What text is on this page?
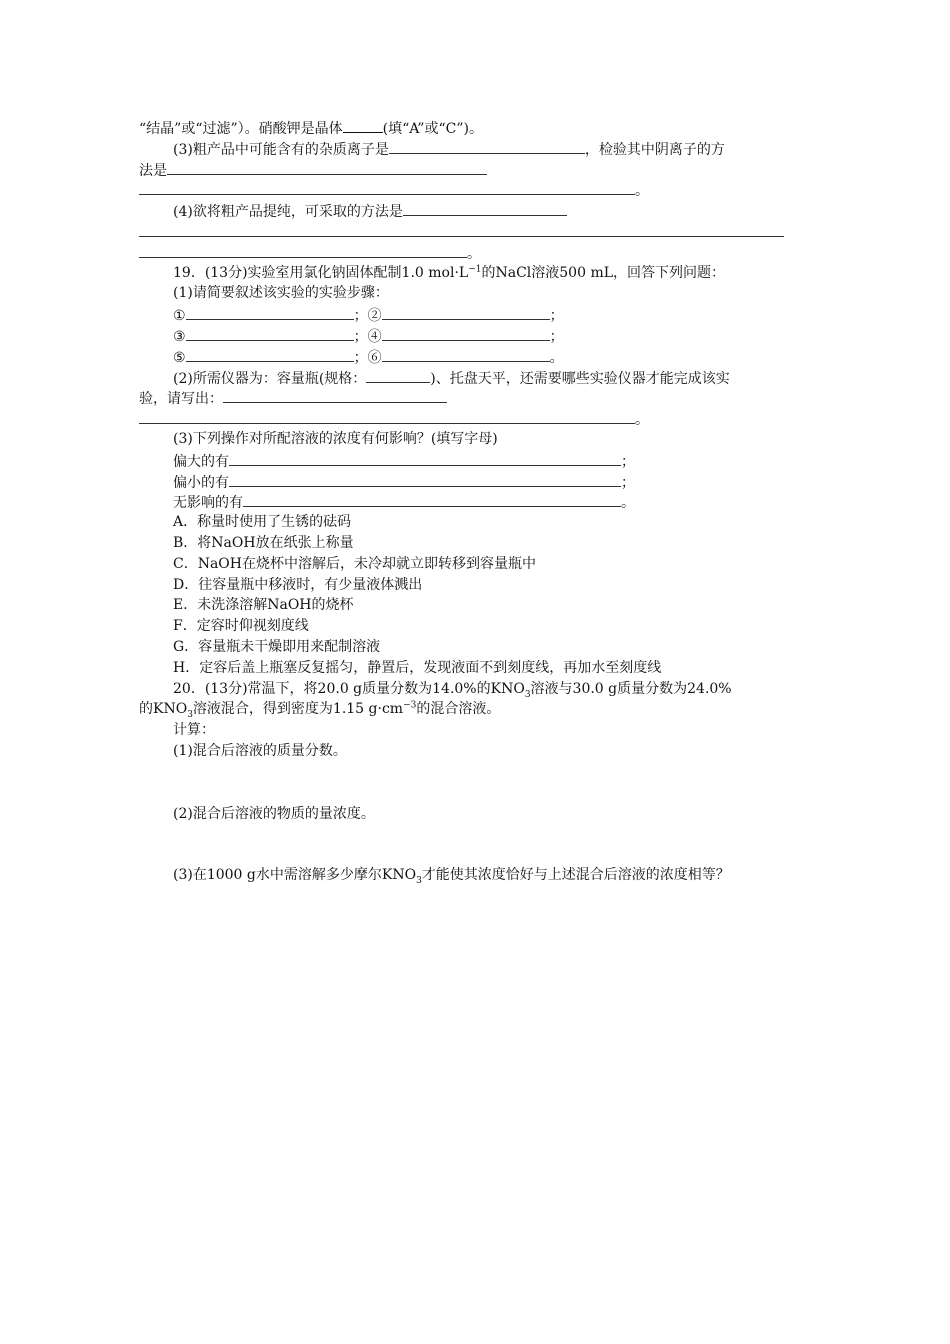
“结晶”或“过滤”）。硝酸钾是晶体	(填“A”或“C”)。
(3)粗产品中可能含有的杂质离子是	，检验其中阴离子的方
法是
。
(4)欲将粗产品提纯，可采取的方法是
。
19．(13分)实验室用氯化钠固体配制1.0 $mol\cdot L^{-1}$的NaCl溶液500 mL，回答下列问题：
(1)请简要叙述该实验的实验步骤：
①	；②	；
③	；④	；
⑤	；⑥	。
(2)所需仪器为：容量瓶(规格：	)、托盘天平，还需要哪些实验仪器才能完成该实
验，请写出：
。
(3)下列操作对所配溶液的浓度有何影响？(填写字母)
偏大的有	；
偏小的有	；
无影响的有	。
A．称量时使用了生锈的砝码
B．将NaOH放在纸张上称量
C．NaOH在烧杯中溶解后，未冷却就立即转移到容量瓶中
D．往容量瓶中移液时，有少量液体溅出
E．未洗涤溶解NaOH的烧杯
F．定容时仰视刻度线
G．容量瓶未干燥即用来配制溶液
H．定容后盖上瓶塞反复摇匀，静置后，发现液面不到刻度线，再加水至刻度线
20．(13分)常温下，将20.0 g质量分数为14.0%的$KNO_3$溶液与30.0 g质量分数为24.0%
的$KNO_3$溶液混合，得到密度为1.15 $g\cdot cm^{-3}$的混合溶液。
计算：
(1)混合后溶液的质量分数。
(2)混合后溶液的物质的量浓度。
(3)在1000 g水中需溶解多少摩尔$KNO_3$才能使其浓度恰好与上述混合后溶液的浓度相等？
